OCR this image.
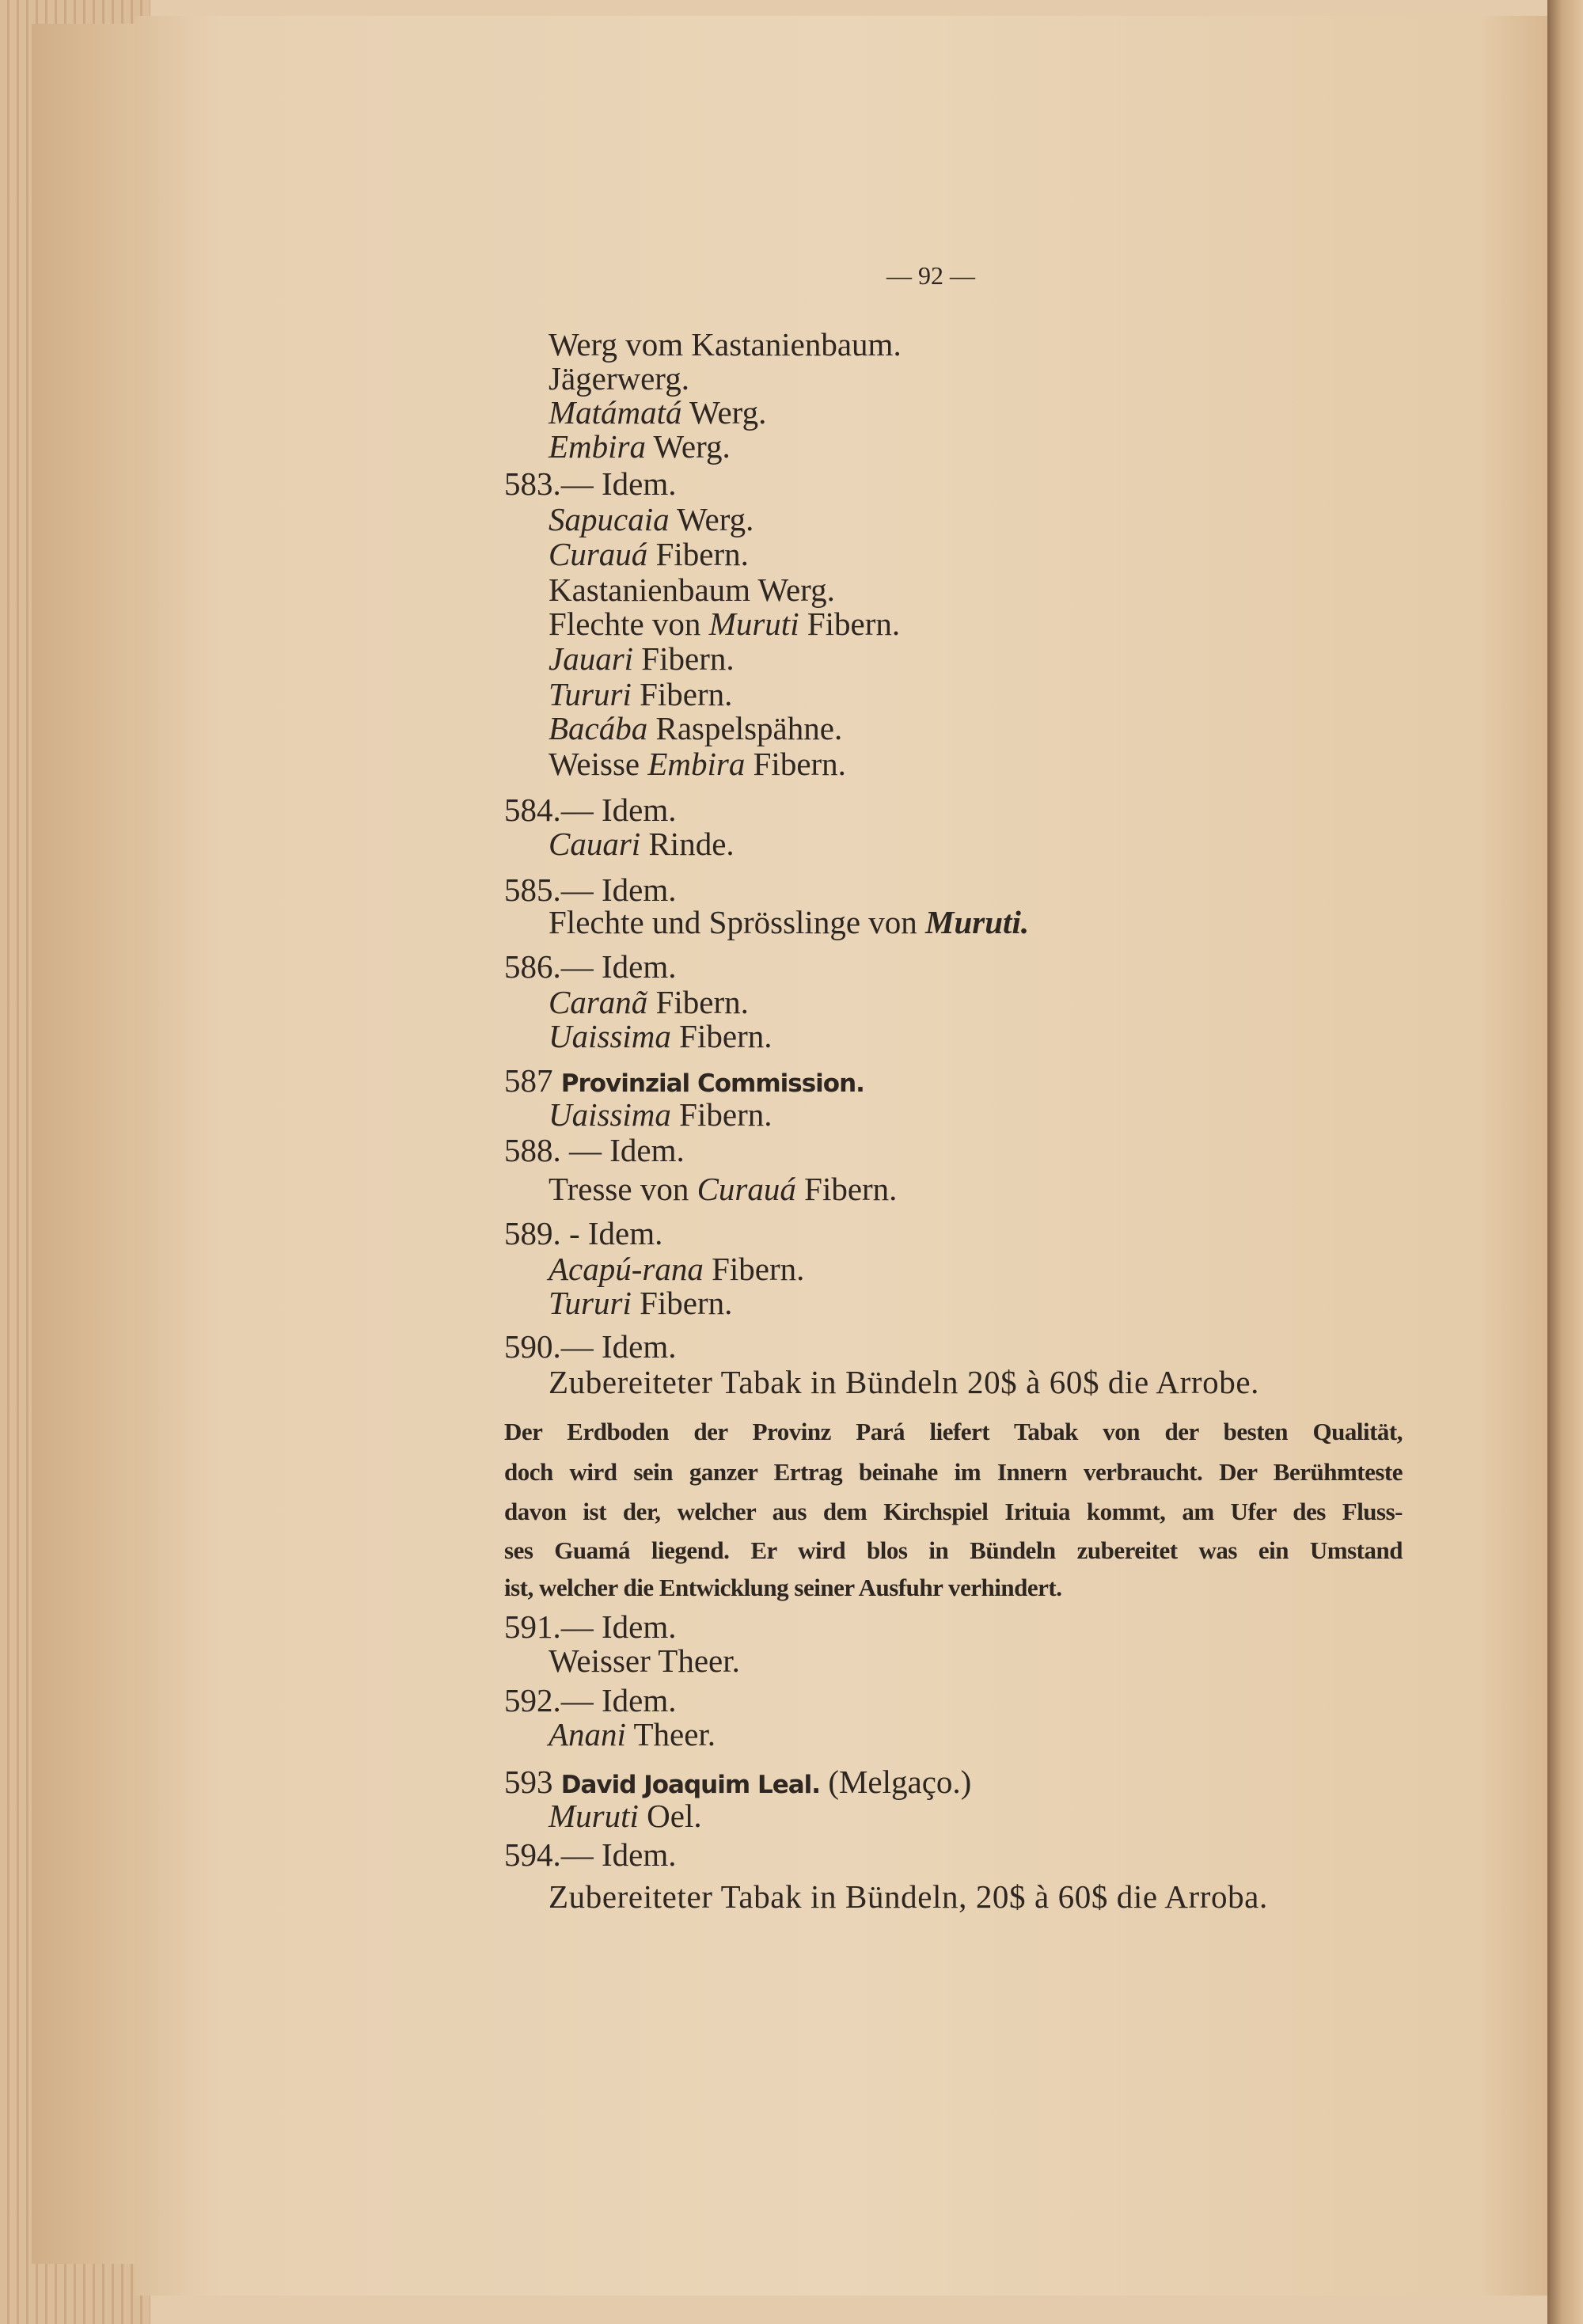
— 92 —
Werg vom Kastanienbaum.
Jägerwerg.
Matámatá Werg.
Embira Werg.
583.— Idem.
Sapucaia Werg.
Curauá Fibern.
Kastanienbaum Werg.
Flechte von Muruti Fibern.
Jauari Fibern.
Tururi Fibern.
Bacába Raspelspähne.
Weisse Embira Fibern.
584.— Idem.
Cauari Rinde.
585.— Idem.
Flechte und Sprösslinge von Muruti.
586.— Idem.
Caranã Fibern.
Uaissima Fibern.
587 Provinzial Commission.
Uaissima Fibern.
588. — Idem.
Tresse von Curauá Fibern.
589. - Idem.
Acapú-rana Fibern.
Tururi Fibern.
590.— Idem.
Zubereiteter Tabak in Bündeln 20$ à 60$ die Arrobe.
Der Erdboden der Provinz Pará liefert Tabak von der besten Qualität,
doch wird sein ganzer Ertrag beinahe im Innern verbraucht. Der Berühmteste
davon ist der, welcher aus dem Kirchspiel Irituia kommt, am Ufer des Fluss-
ses Guamá liegend. Er wird blos in Bündeln zubereitet was ein Umstand
ist, welcher die Entwicklung seiner Ausfuhr verhindert.
591.— Idem.
Weisser Theer.
592.— Idem.
Anani Theer.
593 David Joaquim Leal. (Melgaço.)
Muruti Oel.
594.— Idem.
Zubereiteter Tabak in Bündeln, 20$ à 60$ die Arroba.
